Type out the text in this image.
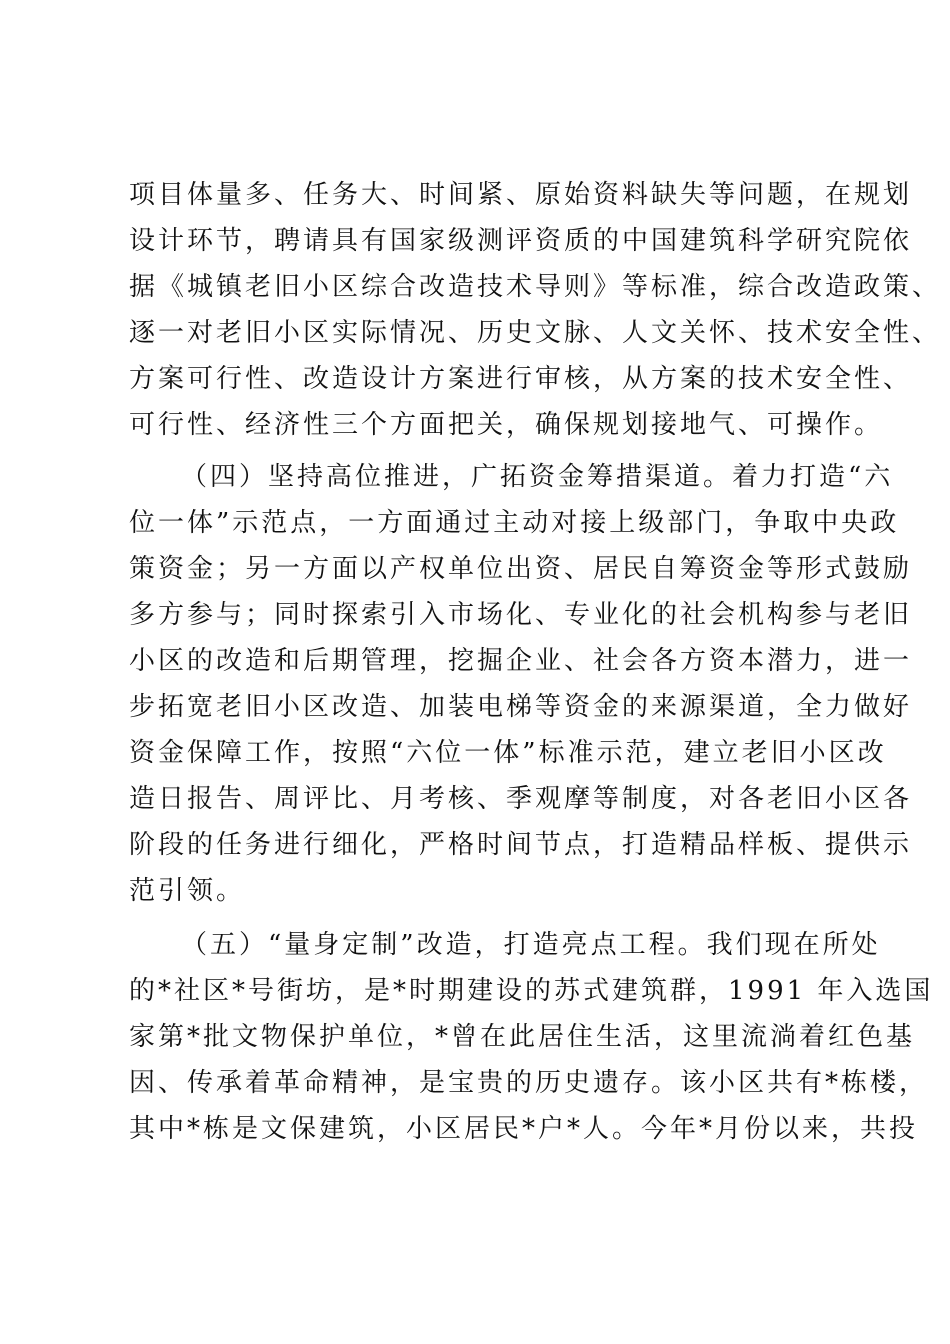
项目体量多、任务大、时间紧、原始资料缺失等问题，在规划
设计环节，聘请具有国家级测评资质的中国建筑科学研究院依
据《城镇老旧小区综合改造技术导则》等标准，综合改造政策、
逐一对老旧小区实际情况、历史文脉、人文关怀、技术安全性、
方案可行性、改造设计方案进行审核，从方案的技术安全性、
可行性、经济性三个方面把关，确保规划接地气、可操作。
（四）坚持高位推进，广拓资金筹措渠道。着力打造“六
位一体”示范点，一方面通过主动对接上级部门，争取中央政
策资金；另一方面以产权单位出资、居民自筹资金等形式鼓励
多方参与；同时探索引入市场化、专业化的社会机构参与老旧
小区的改造和后期管理，挖掘企业、社会各方资本潜力，进一
步拓宽老旧小区改造、加装电梯等资金的来源渠道，全力做好
资金保障工作，按照“六位一体”标准示范，建立老旧小区改
造日报告、周评比、月考核、季观摩等制度，对各老旧小区各
阶段的任务进行细化，严格时间节点，打造精品样板、提供示
范引领。
（五）“量身定制”改造，打造亮点工程。我们现在所处
的*社区*号街坊，是*时期建设的苏式建筑群，1991 年入选国
家第*批文物保护单位，*曾在此居住生活，这里流淌着红色基
因、传承着革命精神，是宝贵的历史遗存。该小区共有*栋楼，
其中*栋是文保建筑，小区居民*户*人。今年*月份以来，共投
